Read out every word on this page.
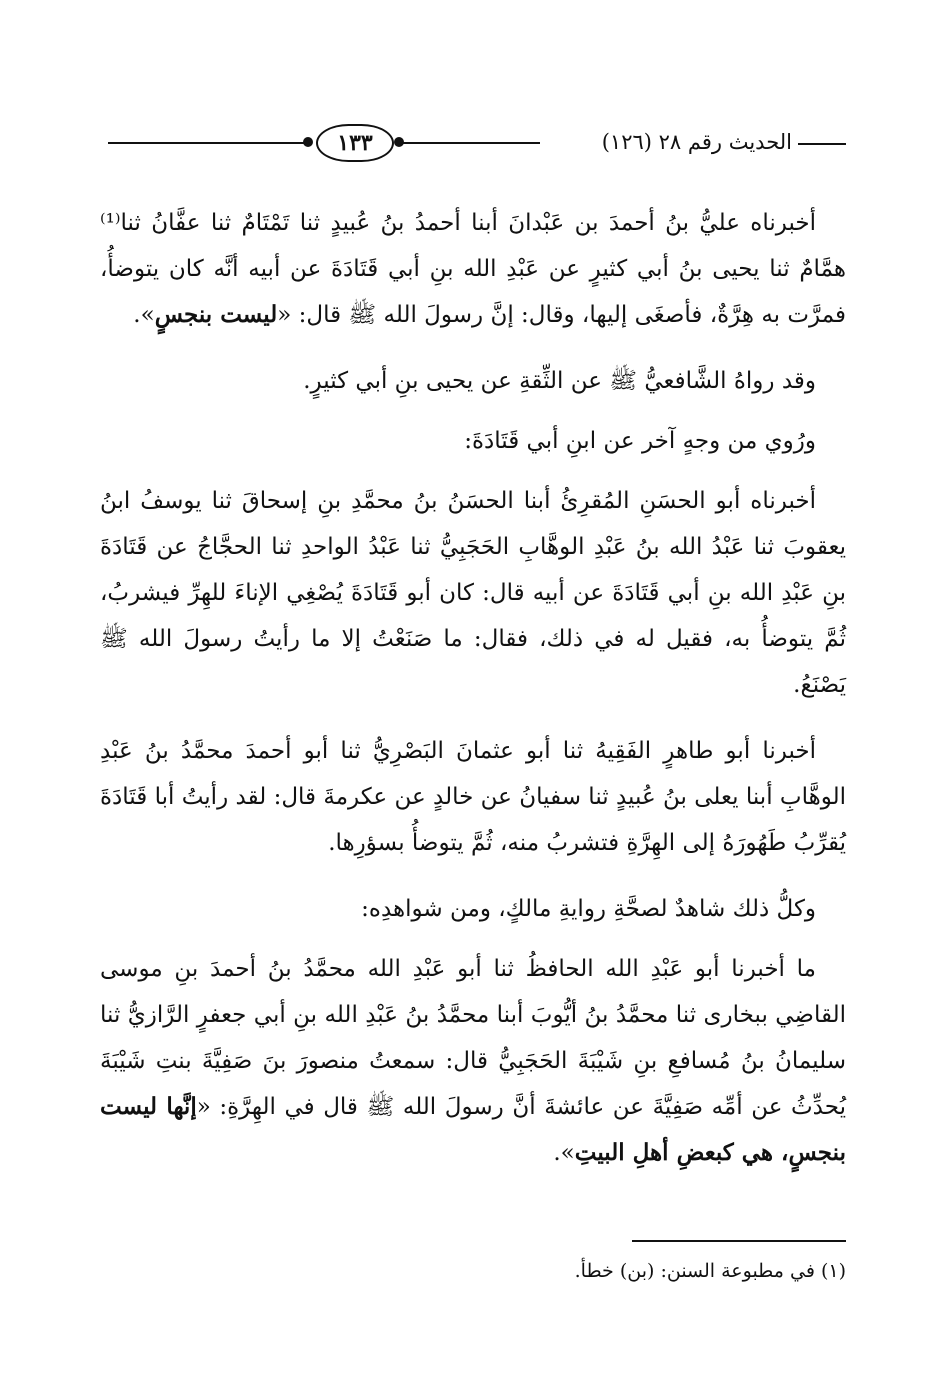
١٣٣	الحديث رقم ٢٨ (١٢٦)

أخبرناه عليُّ بنُ أحمدَ بن عَبْدانَ أبنا أحمدُ بنُ عُبيدٍ ثنا تَمْتَامٌ ثنا عفَّانُ ثنا⁽¹⁾ همَّامٌ ثنا يحيى بنُ أبي كثيرٍ عن عَبْدِ الله بنِ أبي قَتَادَةَ عن أبيه أنَّه كان يتوضأُ، فمرَّت به هِرَّةٌ، فأصغَى إليها، وقال: إنَّ رسولَ الله ﷺ قال: «ليست بنجسٍ».

وقد رواهُ الشَّافعيُّ ﷺ عن الثِّقةِ عن يحيى بنِ أبي كثيرٍ.

ورُوي من وجهٍ آخر عن ابنِ أبي قَتَادَةَ:

أخبرناه أبو الحسَنِ المُقرِئُ أبنا الحسَنُ بنُ محمَّدِ بنِ إسحاقَ ثنا يوسفُ ابنُ يعقوبَ ثنا عَبْدُ الله بنُ عَبْدِ الوهَّابِ الحَجَبِيُّ ثنا عَبْدُ الواحدِ ثنا الحجَّاجُ عن قَتَادَةَ بنِ عَبْدِ الله بنِ أبي قَتَادَةَ عن أبيه قال: كان أبو قَتَادَةَ يُصْغِي الإناءَ للهِرِّ فيشربُ، ثُمَّ يتوضأُ به، فقيل له في ذلك، فقال: ما صَنَعْتُ إلا ما رأيتُ رسولَ الله ﷺ يَصْنَعُ.

أخبرنا أبو طاهرٍ الفَقِيهُ ثنا أبو عثمانَ البَصْرِيُّ ثنا أبو أحمدَ محمَّدُ بنُ عَبْدِ الوهَّابِ أبنا يعلى بنُ عُبيدٍ ثنا سفيانُ عن خالدٍ عن عكرمةَ قال: لقد رأيتُ أبا قَتَادَةَ يُقرِّبُ طَهُورَهُ إلى الهِرَّةِ فتشربُ منه، ثُمَّ يتوضأُ بسؤرِها.

وكلُّ ذلك شاهدٌ لصحَّةِ روايةِ مالكٍ، ومن شواهدِه:

ما أخبرنا أبو عَبْدِ الله الحافظُ ثنا أبو عَبْدِ الله محمَّدُ بنُ أحمدَ بنِ موسى القاضِي ببخارى ثنا محمَّدُ بنُ أيُّوبَ أبنا محمَّدُ بنُ عَبْدِ الله بنِ أبي جعفرٍ الرَّازيُّ ثنا سليمانُ بنُ مُسافعِ بنِ شَيْبَةَ الحَجَبِيُّ قال: سمعتُ منصورَ بنَ صَفِيَّةَ بنتِ شَيْبَةَ يُحدِّثُ عن أمِّه صَفِيَّةَ عن عائشةَ أنَّ رسولَ الله ﷺ قال في الهِرَّةِ: «إنَّها ليست بنجسٍ، هي كبعضِ أهلِ البيتِ».

(١) في مطبوعة السنن: (بن) خطأ.
